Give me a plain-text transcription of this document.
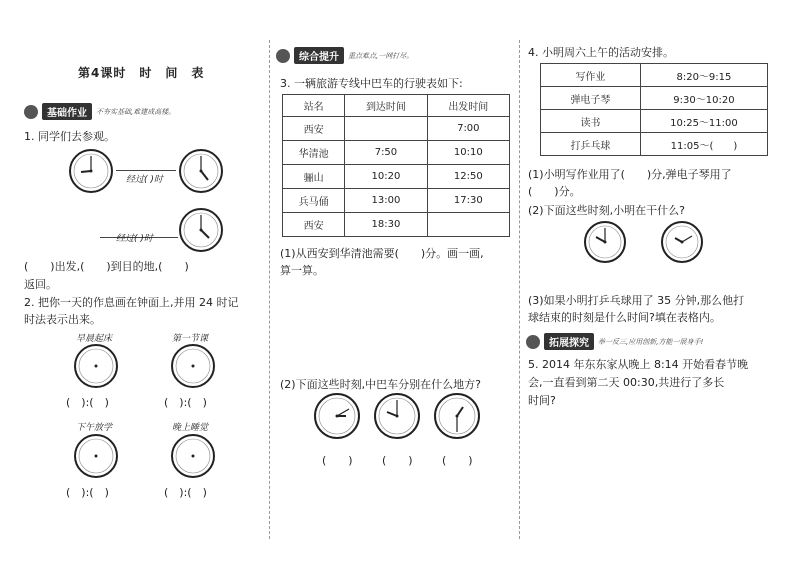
第4课时　时　间　表
基础作业	不夯实基础,难建成高楼。
1. 同学们去参观。
经过( )时
经过( )时
(　　)出发,(　　)到目的地,(　　)
返回。
2. 把你一天的作息画在钟面上,并用 24 时记
时法表示出来。
早晨起床	第一节课
(　):(　)	(　):(　)
下午放学	晚上睡觉
(　):(　)	(　):(　)
综合提升	重点难点,一网打尽。
3. 一辆旅游专线中巴车的行驶表如下:
站名	到达时间	出发时间
西安		7:00
华清池	7:50	10:10
骊山	10:20	12:50
兵马俑	13:00	17:30
西安	18:30	
(1)从西安到华清池需要(　　)分。画一画,
算一算。
(2)下面这些时刻,中巴车分别在什么地方?
(　　)	(　　)	(　　)
4. 小明周六上午的活动安排。
写作业	8:20～9:15
弹电子琴	9:30～10:20
读书	10:25～11:00
打乒乓球	11:05～(　　)
(1)小明写作业用了(　　)分,弹电子琴用了
(　　)分。
(2)下面这些时刻,小明在干什么?
(3)如果小明打乒乓球用了 35 分钟,那么他打
球结束的时刻是什么时间?填在表格内。
拓展探究	举一反三,应用创新,方能一展身手!
5. 2014 年东东家从晚上 8:14 开始看春节晚
会,一直看到第二天 00:30,共进行了多长
时间?
